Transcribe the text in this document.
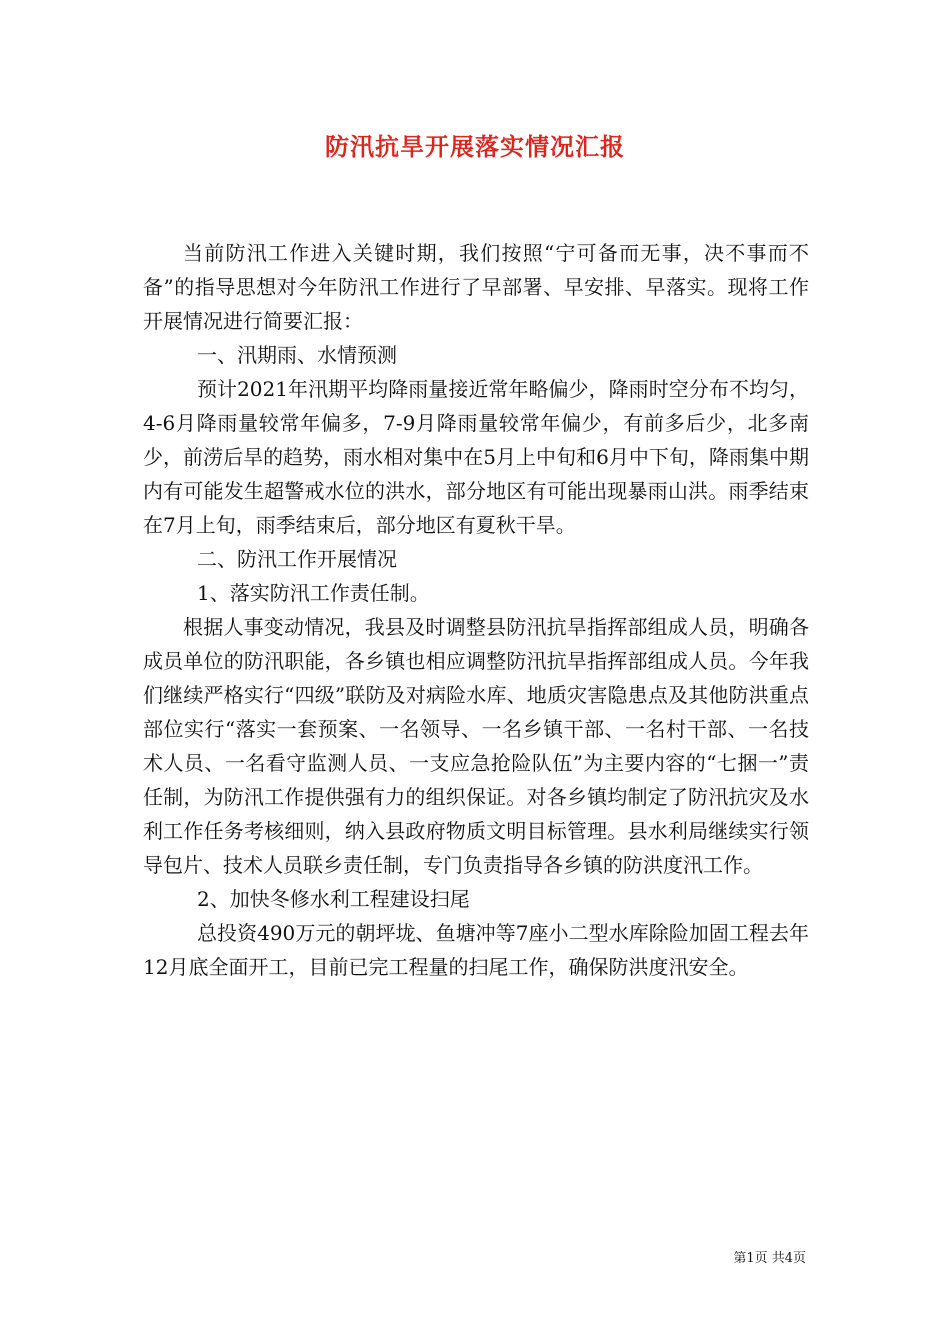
防汛抗旱开展落实情况汇报

当前防汛工作进入关键时期，我们按照“宁可备而无事，决不事而不备”的指导思想对今年防汛工作进行了早部署、早安排、早落实。现将工作开展情况进行简要汇报：

一、汛期雨、水情预测

预计2021年汛期平均降雨量接近常年略偏少，降雨时空分布不均匀，4-6月降雨量较常年偏多，7-9月降雨量较常年偏少，有前多后少，北多南少，前涝后旱的趋势，雨水相对集中在5月上中旬和6月中下旬，降雨集中期内有可能发生超警戒水位的洪水，部分地区有可能出现暴雨山洪。雨季结束在7月上旬，雨季结束后，部分地区有夏秋干旱。

二、防汛工作开展情况

1、落实防汛工作责任制。

根据人事变动情况，我县及时调整县防汛抗旱指挥部组成人员，明确各成员单位的防汛职能，各乡镇也相应调整防汛抗旱指挥部组成人员。今年我们继续严格实行“四级”联防及对病险水库、地质灾害隐患点及其他防洪重点部位实行“落实一套预案、一名领导、一名乡镇干部、一名村干部、一名技术人员、一名看守监测人员、一支应急抢险队伍”为主要内容的“七捆一”责任制，为防汛工作提供强有力的组织保证。对各乡镇均制定了防汛抗灾及水利工作任务考核细则，纳入县政府物质文明目标管理。县水利局继续实行领导包片、技术人员联乡责任制，专门负责指导各乡镇的防洪度汛工作。

2、加快冬修水利工程建设扫尾

总投资490万元的朝坪垅、鱼塘冲等7座小二型水库除险加固工程去年12月底全面开工，目前已完工程量的扫尾工作，确保防洪度汛安全。

第1页 共4页
